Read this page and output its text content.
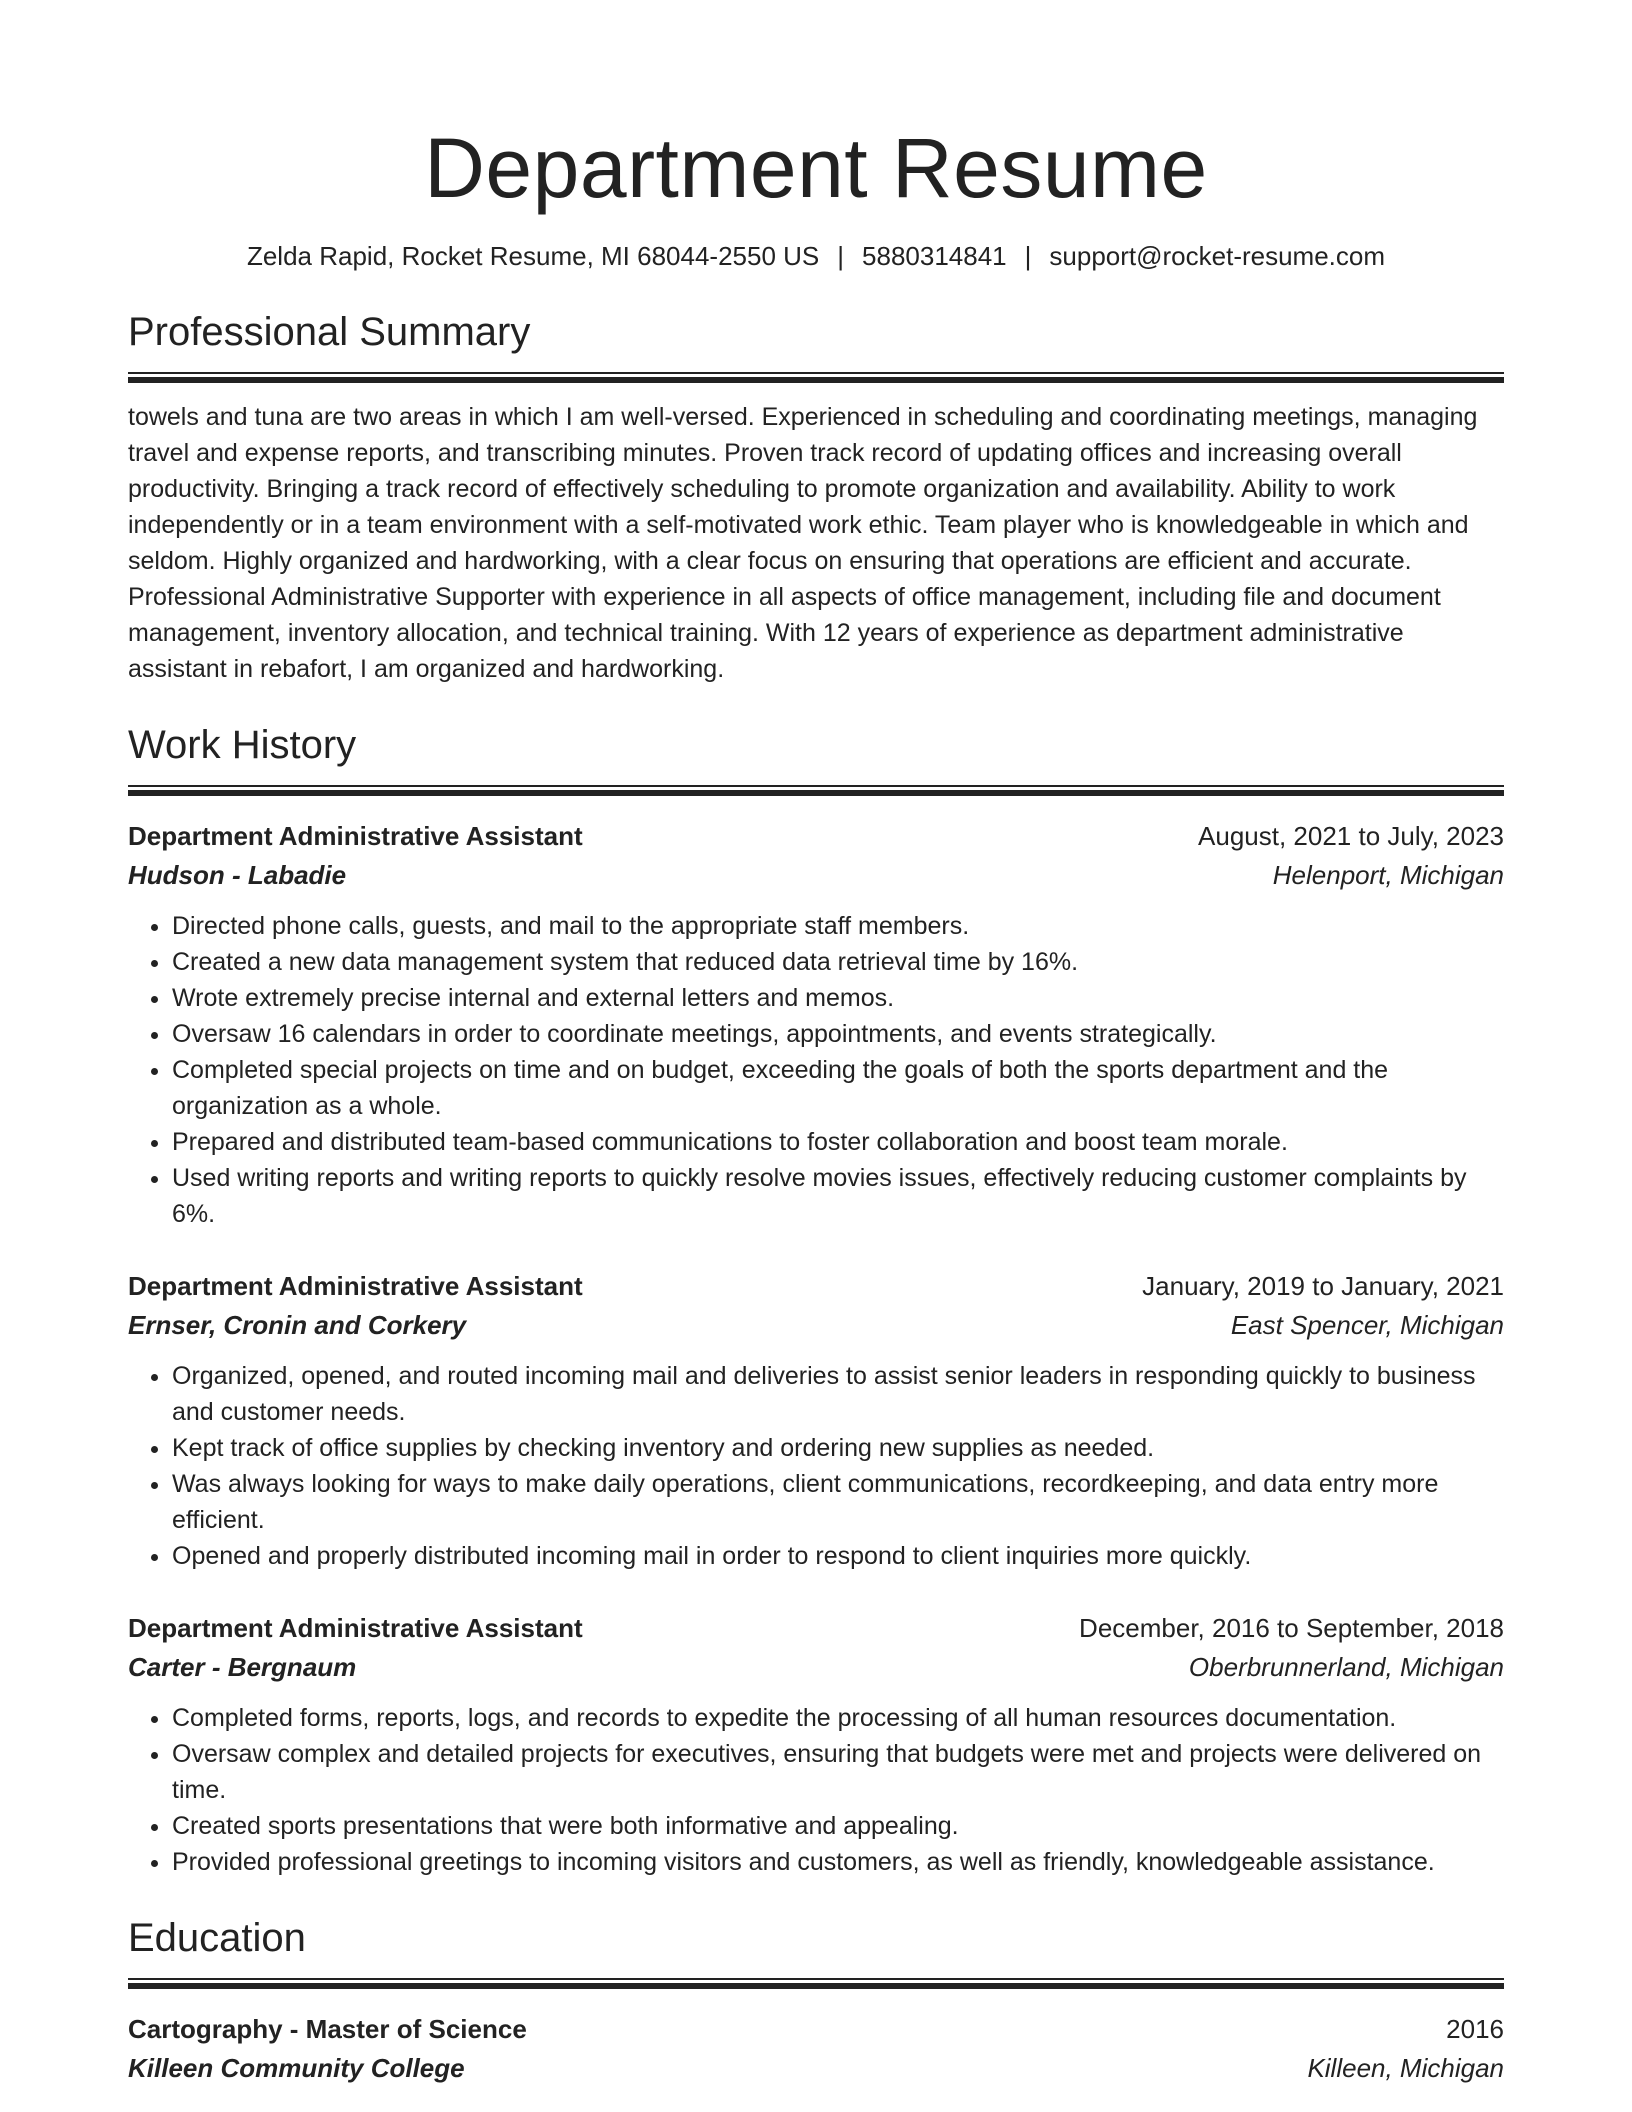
Department Resume
Zelda Rapid, Rocket Resume, MI 68044-2550 US | 5880314841 | support@rocket-resume.com
Professional Summary
towels and tuna are two areas in which I am well-versed. Experienced in scheduling and coordinating meetings, managing travel and expense reports, and transcribing minutes. Proven track record of updating offices and increasing overall productivity. Bringing a track record of effectively scheduling to promote organization and availability. Ability to work independently or in a team environment with a self-motivated work ethic. Team player who is knowledgeable in which and seldom. Highly organized and hardworking, with a clear focus on ensuring that operations are efficient and accurate. Professional Administrative Supporter with experience in all aspects of office management, including file and document management, inventory allocation, and technical training. With 12 years of experience as department administrative assistant in rebafort, I am organized and hardworking.
Work History
Department Administrative Assistant	August, 2021 to July, 2023
Hudson - Labadie	Helenport, Michigan
• Directed phone calls, guests, and mail to the appropriate staff members.
• Created a new data management system that reduced data retrieval time by 16%.
• Wrote extremely precise internal and external letters and memos.
• Oversaw 16 calendars in order to coordinate meetings, appointments, and events strategically.
• Completed special projects on time and on budget, exceeding the goals of both the sports department and the organization as a whole.
• Prepared and distributed team-based communications to foster collaboration and boost team morale.
• Used writing reports and writing reports to quickly resolve movies issues, effectively reducing customer complaints by 6%.
Department Administrative Assistant	January, 2019 to January, 2021
Ernser, Cronin and Corkery	East Spencer, Michigan
• Organized, opened, and routed incoming mail and deliveries to assist senior leaders in responding quickly to business and customer needs.
• Kept track of office supplies by checking inventory and ordering new supplies as needed.
• Was always looking for ways to make daily operations, client communications, recordkeeping, and data entry more efficient.
• Opened and properly distributed incoming mail in order to respond to client inquiries more quickly.
Department Administrative Assistant	December, 2016 to September, 2018
Carter - Bergnaum	Oberbrunnerland, Michigan
• Completed forms, reports, logs, and records to expedite the processing of all human resources documentation.
• Oversaw complex and detailed projects for executives, ensuring that budgets were met and projects were delivered on time.
• Created sports presentations that were both informative and appealing.
• Provided professional greetings to incoming visitors and customers, as well as friendly, knowledgeable assistance.
Education
Cartography - Master of Science	2016
Killeen Community College	Killeen, Michigan
